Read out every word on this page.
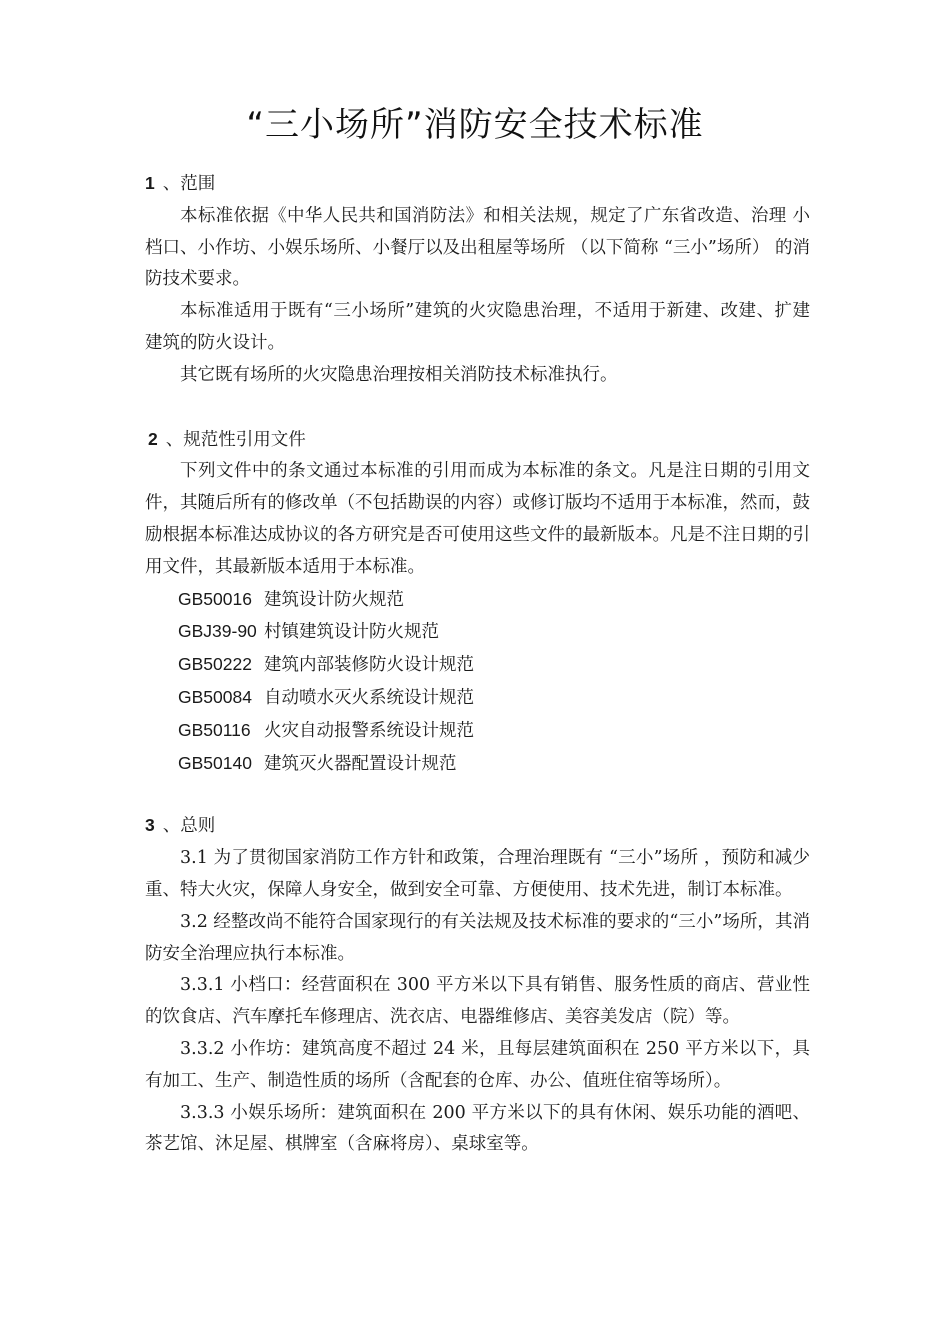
“三小场所”消防安全技术标准

1 、范围

本标准依据《中华人民共和国消防法》和相关法规，规定了广东省改造、治理 小档口、小作坊、小娱乐场所、小餐厅以及出租屋等场所 （以下简称 “三小”场所） 的消防技术要求。

本标准适用于既有“三小场所”建筑的火灾隐患治理，不适用于新建、改建、扩建建筑的防火设计。

其它既有场所的火灾隐患治理按相关消防技术标准执行。

2 、规范性引用文件

下列文件中的条文通过本标准的引用而成为本标准的条文。凡是注日期的引用文件，其随后所有的修改单（不包括勘误的内容）或修订版均不适用于本标准，然而，鼓励根据本标准达成协议的各方研究是否可使用这些文件的最新版本。凡是不注日期的引用文件，其最新版本适用于本标准。

GB50016 建筑设计防火规范

GBJ39-90 村镇建筑设计防火规范

GB50222 建筑内部装修防火设计规范

GB50084 自动喷水灭火系统设计规范

GB50116 火灾自动报警系统设计规范

GB50140 建筑灭火器配置设计规范

3 、总则

3.1 为了贯彻国家消防工作方针和政策，合理治理既有 “三小”场所 ，预防和减少重、特大火灾，保障人身安全，做到安全可靠、方便使用、技术先进，制订本标准。

3.2 经整改尚不能符合国家现行的有关法规及技术标准的要求的“三小”场所，其消防安全治理应执行本标准。

3.3.1 小档口：经营面积在 300 平方米以下具有销售、服务性质的商店、营业性的饮食店、汽车摩托车修理店、洗衣店、电器维修店、美容美发店（院）等。

3.3.2 小作坊：建筑高度不超过 24 米，且每层建筑面积在 250 平方米以下，具有加工、生产、制造性质的场所（含配套的仓库、办公、值班住宿等场所）。

3.3.3 小娱乐场所：建筑面积在 200 平方米以下的具有休闲、娱乐功能的酒吧、茶艺馆、沐足屋、棋牌室（含麻将房）、桌球室等。
